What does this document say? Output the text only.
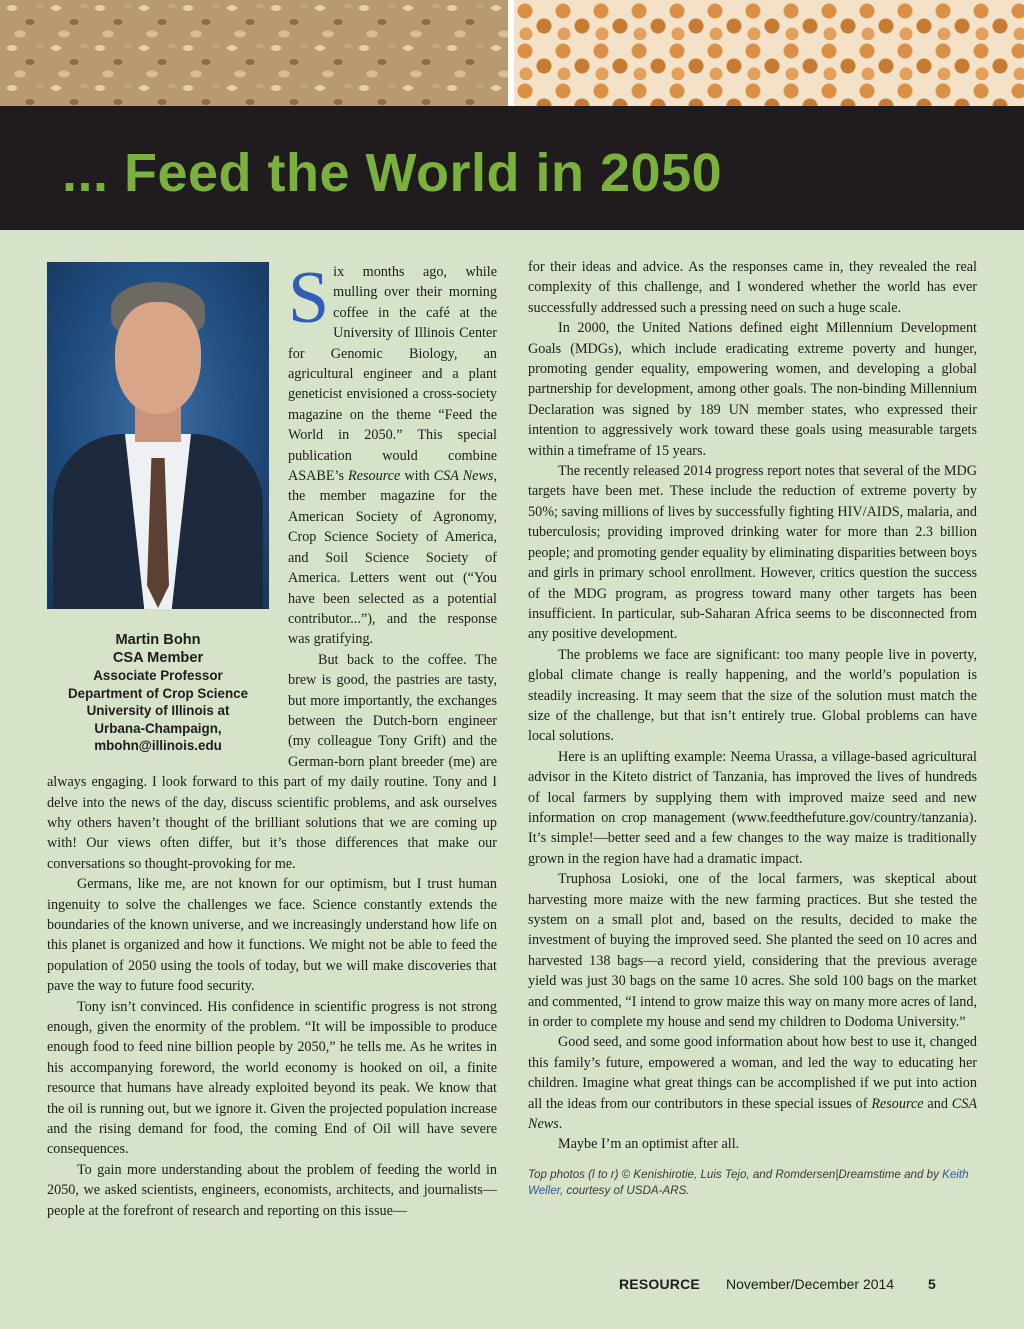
... Feed the World in 2050
Martin Bohn
CSA Member
Associate Professor
Department of Crop Science
University of Illinois at
Urbana-Champaign,
mbohn@illinois.edu

Six months ago, while mulling over their morning coffee in the café at the University of Illinois Center for Genomic Biology, an agricultural engineer and a plant geneticist envisioned a cross-society magazine on the theme “Feed the World in 2050.” This special publication would combine ASABE’s Resource with CSA News, the member magazine for the American Society of Agronomy, Crop Science Society of America, and Soil Science Society of America. Letters went out (“You have been selected as a potential contributor...”), and the response was gratifying.

But back to the coffee. The brew is good, the pastries are tasty, but more importantly, the exchanges between the Dutch-born engineer (my colleague Tony Grift) and the German-born plant breeder (me) are always engaging. I look forward to this part of my daily routine. Tony and I delve into the news of the day, discuss scientific problems, and ask ourselves why others haven’t thought of the brilliant solutions that we are coming up with! Our views often differ, but it’s those differences that make our conversations so thought-provoking for me.

Germans, like me, are not known for our optimism, but I trust human ingenuity to solve the challenges we face. Science constantly extends the boundaries of the known universe, and we increasingly understand how life on this planet is organized and how it functions. We might not be able to feed the population of 2050 using the tools of today, but we will make discoveries that pave the way to future food security.

Tony isn’t convinced. His confidence in scientific progress is not strong enough, given the enormity of the problem. “It will be impossible to produce enough food to feed nine billion people by 2050,” he tells me. As he writes in his accompanying foreword, the world economy is hooked on oil, a finite resource that humans have already exploited beyond its peak. We know that the oil is running out, but we ignore it. Given the projected population increase and the rising demand for food, the coming End of Oil will have severe consequences.

To gain more understanding about the problem of feeding the world in 2050, we asked scientists, engineers, economists, architects, and journalists—people at the forefront of research and reporting on this issue—

for their ideas and advice. As the responses came in, they revealed the real complexity of this challenge, and I wondered whether the world has ever successfully addressed such a pressing need on such a huge scale.

In 2000, the United Nations defined eight Millennium Development Goals (MDGs), which include eradicating extreme poverty and hunger, promoting gender equality, empowering women, and developing a global partnership for development, among other goals. The non-binding Millennium Declaration was signed by 189 UN member states, who expressed their intention to aggressively work toward these goals using measurable targets within a timeframe of 15 years.

The recently released 2014 progress report notes that several of the MDG targets have been met. These include the reduction of extreme poverty by 50%; saving millions of lives by successfully fighting HIV/AIDS, malaria, and tuberculosis; providing improved drinking water for more than 2.3 billion people; and promoting gender equality by eliminating disparities between boys and girls in primary school enrollment. However, critics question the success of the MDG program, as progress toward many other targets has been insufficient. In particular, sub-Saharan Africa seems to be disconnected from any positive development.

The problems we face are significant: too many people live in poverty, global climate change is really happening, and the world’s population is steadily increasing. It may seem that the size of the solution must match the size of the challenge, but that isn’t entirely true. Global problems can have local solutions.

Here is an uplifting example: Neema Urassa, a village-based agricultural advisor in the Kiteto district of Tanzania, has improved the lives of hundreds of local farmers by supplying them with improved maize seed and new information on crop management (www.feedthefuture.gov/country/tanzania). It’s simple!—better seed and a few changes to the way maize is traditionally grown in the region have had a dramatic impact.

Truphosa Losioki, one of the local farmers, was skeptical about harvesting more maize with the new farming practices. But she tested the system on a small plot and, based on the results, decided to make the investment of buying the improved seed. She planted the seed on 10 acres and harvested 138 bags—a record yield, considering that the previous average yield was just 30 bags on the same 10 acres. She sold 100 bags on the market and commented, “I intend to grow maize this way on many more acres of land, in order to complete my house and send my children to Dodoma University.”

Good seed, and some good information about how best to use it, changed this family’s future, empowered a woman, and led the way to educating her children. Imagine what great things can be accomplished if we put into action all the ideas from our contributors in these special issues of Resource and CSA News.

Maybe I’m an optimist after all.

Top photos (l to r) © Kenishirotie, Luis Tejo, and Romdersen|Dreamstime and by Keith Weller, courtesy of USDA-ARS.
RESOURCE November/December 2014 5
